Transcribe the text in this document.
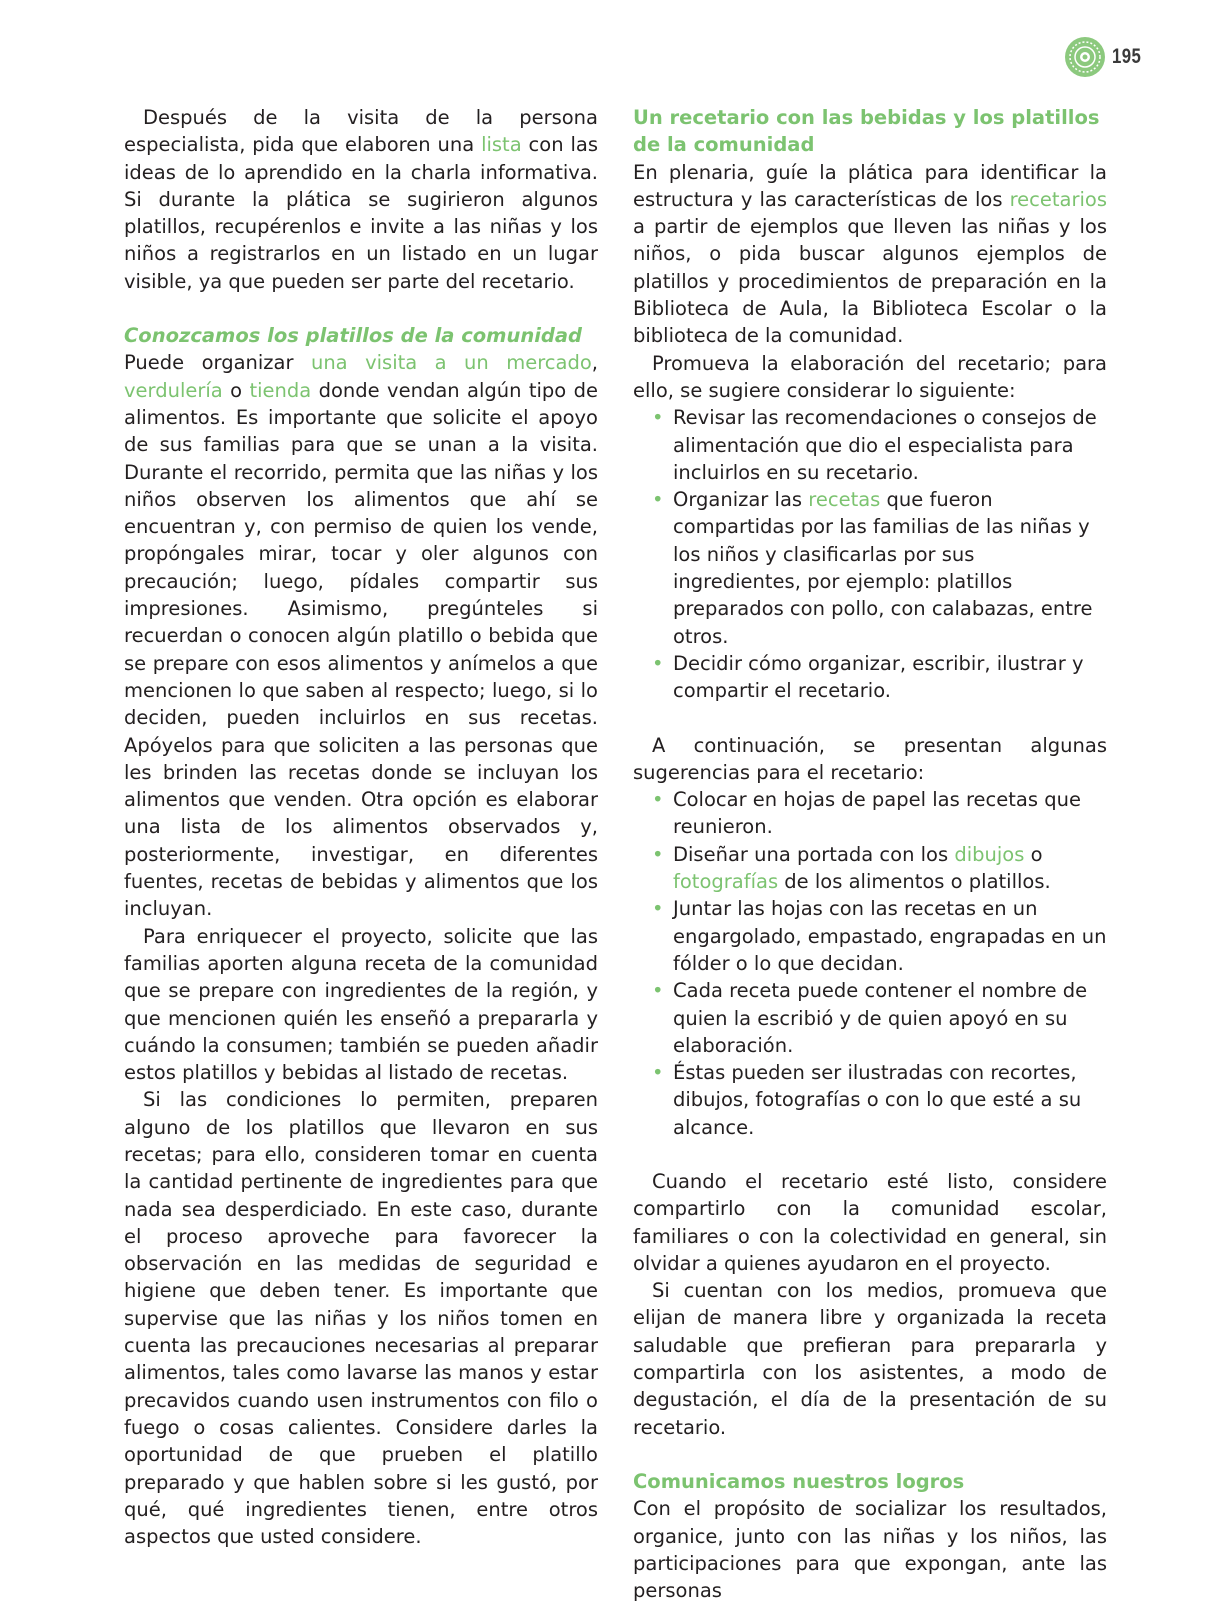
195

Después de la visita de la persona especialista, pida que elaboren una lista con las ideas de lo aprendido en la charla informativa. Si durante la plática se sugirieron algunos platillos, recupérenlos e invite a las niñas y los niños a registrarlos en un listado en un lugar visible, ya que pueden ser parte del recetario.

Conozcamos los platillos de la comunidad

Puede organizar una visita a un mercado, verdulería o tienda donde vendan algún tipo de alimentos. Es importante que solicite el apoyo de sus familias para que se unan a la visita. Durante el recorrido, permita que las niñas y los niños observen los alimentos que ahí se encuentran y, con permiso de quien los vende, propóngales mirar, tocar y oler algunos con precaución; luego, pídales compartir sus impresiones. Asimismo, pregúnteles si recuerdan o conocen algún platillo o bebida que se prepare con esos alimentos y anímelos a que mencionen lo que saben al respecto; luego, si lo deciden, pueden incluirlos en sus recetas. Apóyelos para que soliciten a las personas que les brinden las recetas donde se incluyan los alimentos que venden. Otra opción es elaborar una lista de los alimentos observados y, posteriormente, investigar, en diferentes fuentes, recetas de bebidas y alimentos que los incluyan.

Para enriquecer el proyecto, solicite que las familias aporten alguna receta de la comunidad que se prepare con ingredientes de la región, y que mencionen quién les enseñó a prepararla y cuándo la consumen; también se pueden añadir estos platillos y bebidas al listado de recetas.

Si las condiciones lo permiten, preparen alguno de los platillos que llevaron en sus recetas; para ello, consideren tomar en cuenta la cantidad pertinente de ingredientes para que nada sea desperdiciado. En este caso, durante el proceso aproveche para favorecer la observación en las medidas de seguridad e higiene que deben tener. Es importante que supervise que las niñas y los niños tomen en cuenta las precauciones necesarias al preparar alimentos, tales como lavarse las manos y estar precavidos cuando usen instrumentos con filo o fuego o cosas calientes. Considere darles la oportunidad de que prueben el platillo preparado y que hablen sobre si les gustó, por qué, qué ingredientes tienen, entre otros aspectos que usted considere.

Un recetario con las bebidas y los platillos de la comunidad

En plenaria, guíe la plática para identificar la estructura y las características de los recetarios a partir de ejemplos que lleven las niñas y los niños, o pida buscar algunos ejemplos de platillos y procedimientos de preparación en la Biblioteca de Aula, la Biblioteca Escolar o la biblioteca de la comunidad.

Promueva la elaboración del recetario; para ello, se sugiere considerar lo siguiente:

• Revisar las recomendaciones o consejos de alimentación que dio el especialista para incluirlos en su recetario.
• Organizar las recetas que fueron compartidas por las familias de las niñas y los niños y clasificarlas por sus ingredientes, por ejemplo: platillos preparados con pollo, con calabazas, entre otros.
• Decidir cómo organizar, escribir, ilustrar y compartir el recetario.

A continuación, se presentan algunas sugerencias para el recetario:

• Colocar en hojas de papel las recetas que reunieron.
• Diseñar una portada con los dibujos o fotografías de los alimentos o platillos.
• Juntar las hojas con las recetas en un engargolado, empastado, engrapadas en un fólder o lo que decidan.
• Cada receta puede contener el nombre de quien la escribió y de quien apoyó en su elaboración.
• Éstas pueden ser ilustradas con recortes, dibujos, fotografías o con lo que esté a su alcance.

Cuando el recetario esté listo, considere compartirlo con la comunidad escolar, familiares o con la colectividad en general, sin olvidar a quienes ayudaron en el proyecto.

Si cuentan con los medios, promueva que elijan de manera libre y organizada la receta saludable que prefieran para prepararla y compartirla con los asistentes, a modo de degustación, el día de la presentación de su recetario.

Comunicamos nuestros logros

Con el propósito de socializar los resultados, organice, junto con las niñas y los niños, las participaciones para que expongan, ante las personas
